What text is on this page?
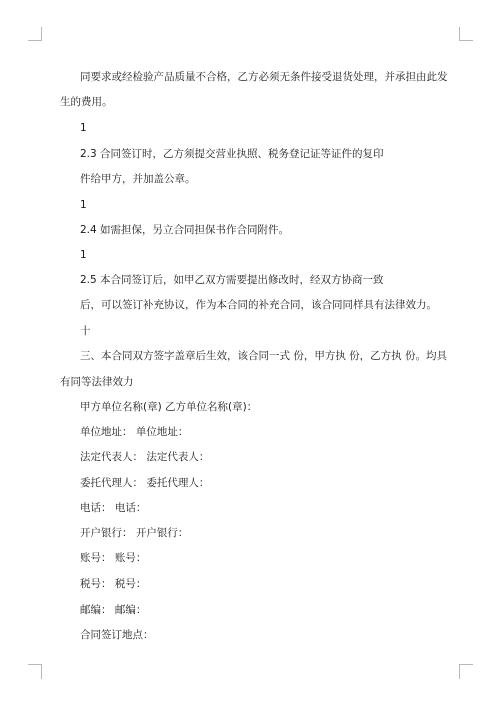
同要求或经检验产品质量不合格，乙方必须无条件接受退货处理，并承担由此发
生的费用。
1
2.3 合同签订时，乙方须提交营业执照、税务登记证等证件的复印
件给甲方，并加盖公章。
1
2.4 如需担保，另立合同担保书作合同附件。
1
2.5 本合同签订后，如甲乙双方需要提出修改时，经双方协商一致
后，可以签订补充协议，作为本合同的补充合同，该合同同样具有法律效力。
十
三、本合同双方签字盖章后生效，该合同一式 份，甲方执 份，乙方执 份。均具
有同等法律效力
甲方单位名称(章) 乙方单位名称(章)：
单位地址： 单位地址：
法定代表人： 法定代表人：
委托代理人： 委托代理人：
电话： 电话：
开户银行： 开户银行：
账号： 账号：
税号： 税号：
邮编： 邮编：
合同签订地点：
